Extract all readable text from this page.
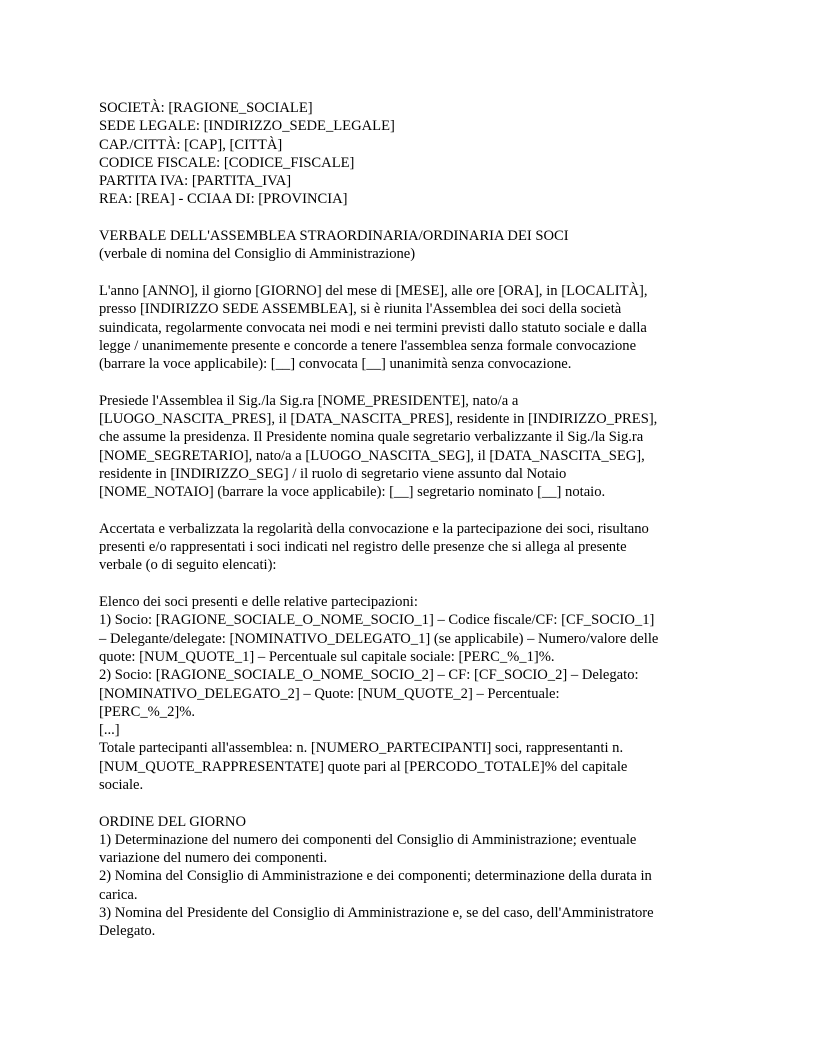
SOCIETÀ: [RAGIONE_SOCIALE]
SEDE LEGALE: [INDIRIZZO_SEDE_LEGALE]
CAP./CITTÀ: [CAP], [CITTÀ]
CODICE FISCALE: [CODICE_FISCALE]
PARTITA IVA: [PARTITA_IVA]
REA: [REA] - CCIAA DI: [PROVINCIA]
VERBALE DELL'ASSEMBLEA STRAORDINARIA/ORDINARIA DEI SOCI
(verbale di nomina del Consiglio di Amministrazione)
L'anno [ANNO], il giorno [GIORNO] del mese di [MESE], alle ore [ORA], in [LOCALITÀ],
presso [INDIRIZZO SEDE ASSEMBLEA], si è riunita l'Assemblea dei soci della società
suindicata, regolarmente convocata nei modi e nei termini previsti dallo statuto sociale e dalla
legge / unanimemente presente e concorde a tenere l'assemblea senza formale convocazione
(barrare la voce applicabile): [__] convocata [__] unanimità senza convocazione.
Presiede l'Assemblea il Sig./la Sig.ra [NOME_PRESIDENTE], nato/a a
[LUOGO_NASCITA_PRES], il [DATA_NASCITA_PRES], residente in [INDIRIZZO_PRES],
che assume la presidenza. Il Presidente nomina quale segretario verbalizzante il Sig./la Sig.ra
[NOME_SEGRETARIO], nato/a a [LUOGO_NASCITA_SEG], il [DATA_NASCITA_SEG],
residente in [INDIRIZZO_SEG] / il ruolo di segretario viene assunto dal Notaio
[NOME_NOTAIO] (barrare la voce applicabile): [__] segretario nominato [__] notaio.
Accertata e verbalizzata la regolarità della convocazione e la partecipazione dei soci, risultano
presenti e/o rappresentati i soci indicati nel registro delle presenze che si allega al presente
verbale (o di seguito elencati):
Elenco dei soci presenti e delle relative partecipazioni:
1) Socio: [RAGIONE_SOCIALE_O_NOME_SOCIO_1] – Codice fiscale/CF: [CF_SOCIO_1]
– Delegante/delegate: [NOMINATIVO_DELEGATO_1] (se applicabile) – Numero/valore delle
quote: [NUM_QUOTE_1] – Percentuale sul capitale sociale: [PERC_%_1]%.
2) Socio: [RAGIONE_SOCIALE_O_NOME_SOCIO_2] – CF: [CF_SOCIO_2] – Delegato:
[NOMINATIVO_DELEGATO_2] – Quote: [NUM_QUOTE_2] – Percentuale:
[PERC_%_2]%.
[...]
Totale partecipanti all'assemblea: n. [NUMERO_PARTECIPANTI] soci, rappresentanti n.
[NUM_QUOTE_RAPPRESENTATE] quote pari al [PERCODO_TOTALE]% del capitale
sociale.
ORDINE DEL GIORNO
1) Determinazione del numero dei componenti del Consiglio di Amministrazione; eventuale
variazione del numero dei componenti.
2) Nomina del Consiglio di Amministrazione e dei componenti; determinazione della durata in
carica.
3) Nomina del Presidente del Consiglio di Amministrazione e, se del caso, dell'Amministratore
Delegato.
